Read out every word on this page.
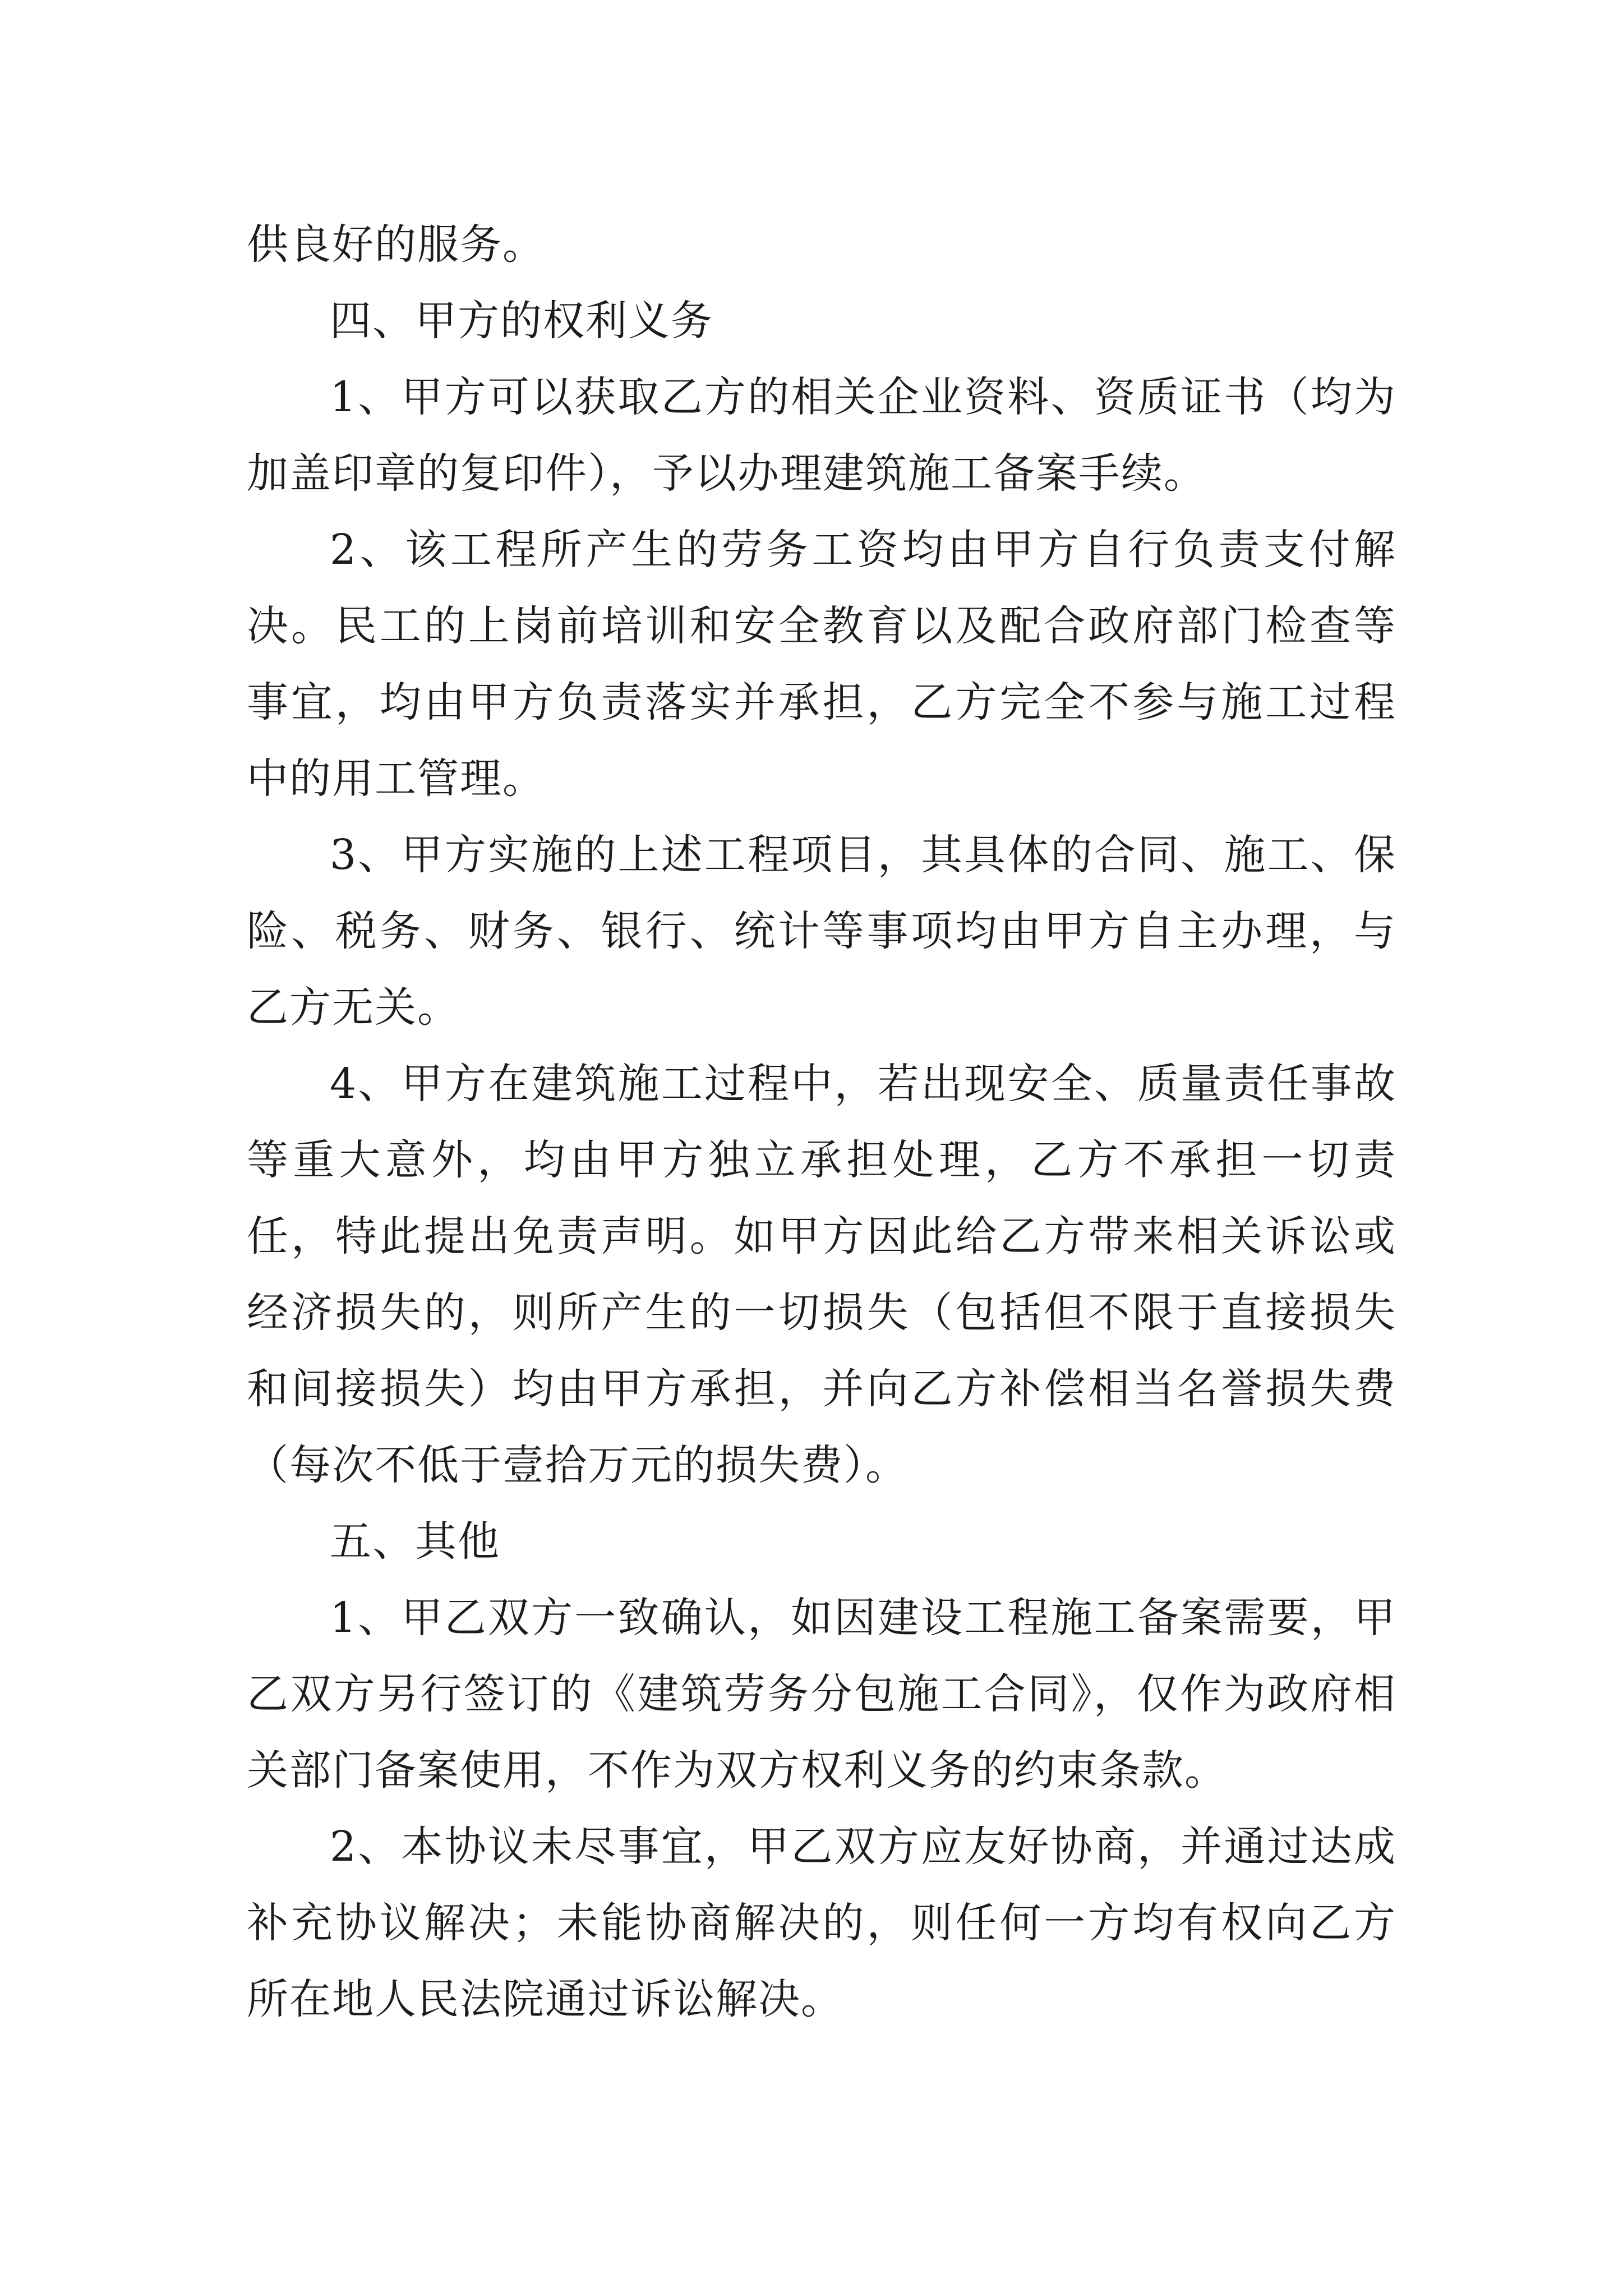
供良好的服务。

四、甲方的权利义务

1、甲方可以获取乙方的相关企业资料、资质证书（均为加盖印章的复印件），予以办理建筑施工备案手续。

2、该工程所产生的劳务工资均由甲方自行负责支付解决。民工的上岗前培训和安全教育以及配合政府部门检查等事宜，均由甲方负责落实并承担，乙方完全不参与施工过程中的用工管理。

3、甲方实施的上述工程项目，其具体的合同、施工、保险、税务、财务、银行、统计等事项均由甲方自主办理，与乙方无关。

4、甲方在建筑施工过程中，若出现安全、质量责任事故等重大意外，均由甲方独立承担处理，乙方不承担一切责任，特此提出免责声明。如甲方因此给乙方带来相关诉讼或经济损失的，则所产生的一切损失（包括但不限于直接损失和间接损失）均由甲方承担，并向乙方补偿相当名誉损失费（每次不低于壹拾万元的损失费）。

五、其他

1、甲乙双方一致确认，如因建设工程施工备案需要，甲乙双方另行签订的《建筑劳务分包施工合同》，仅作为政府相关部门备案使用，不作为双方权利义务的约束条款。

2、本协议未尽事宜，甲乙双方应友好协商，并通过达成补充协议解决；未能协商解决的，则任何一方均有权向乙方所在地人民法院通过诉讼解决。
